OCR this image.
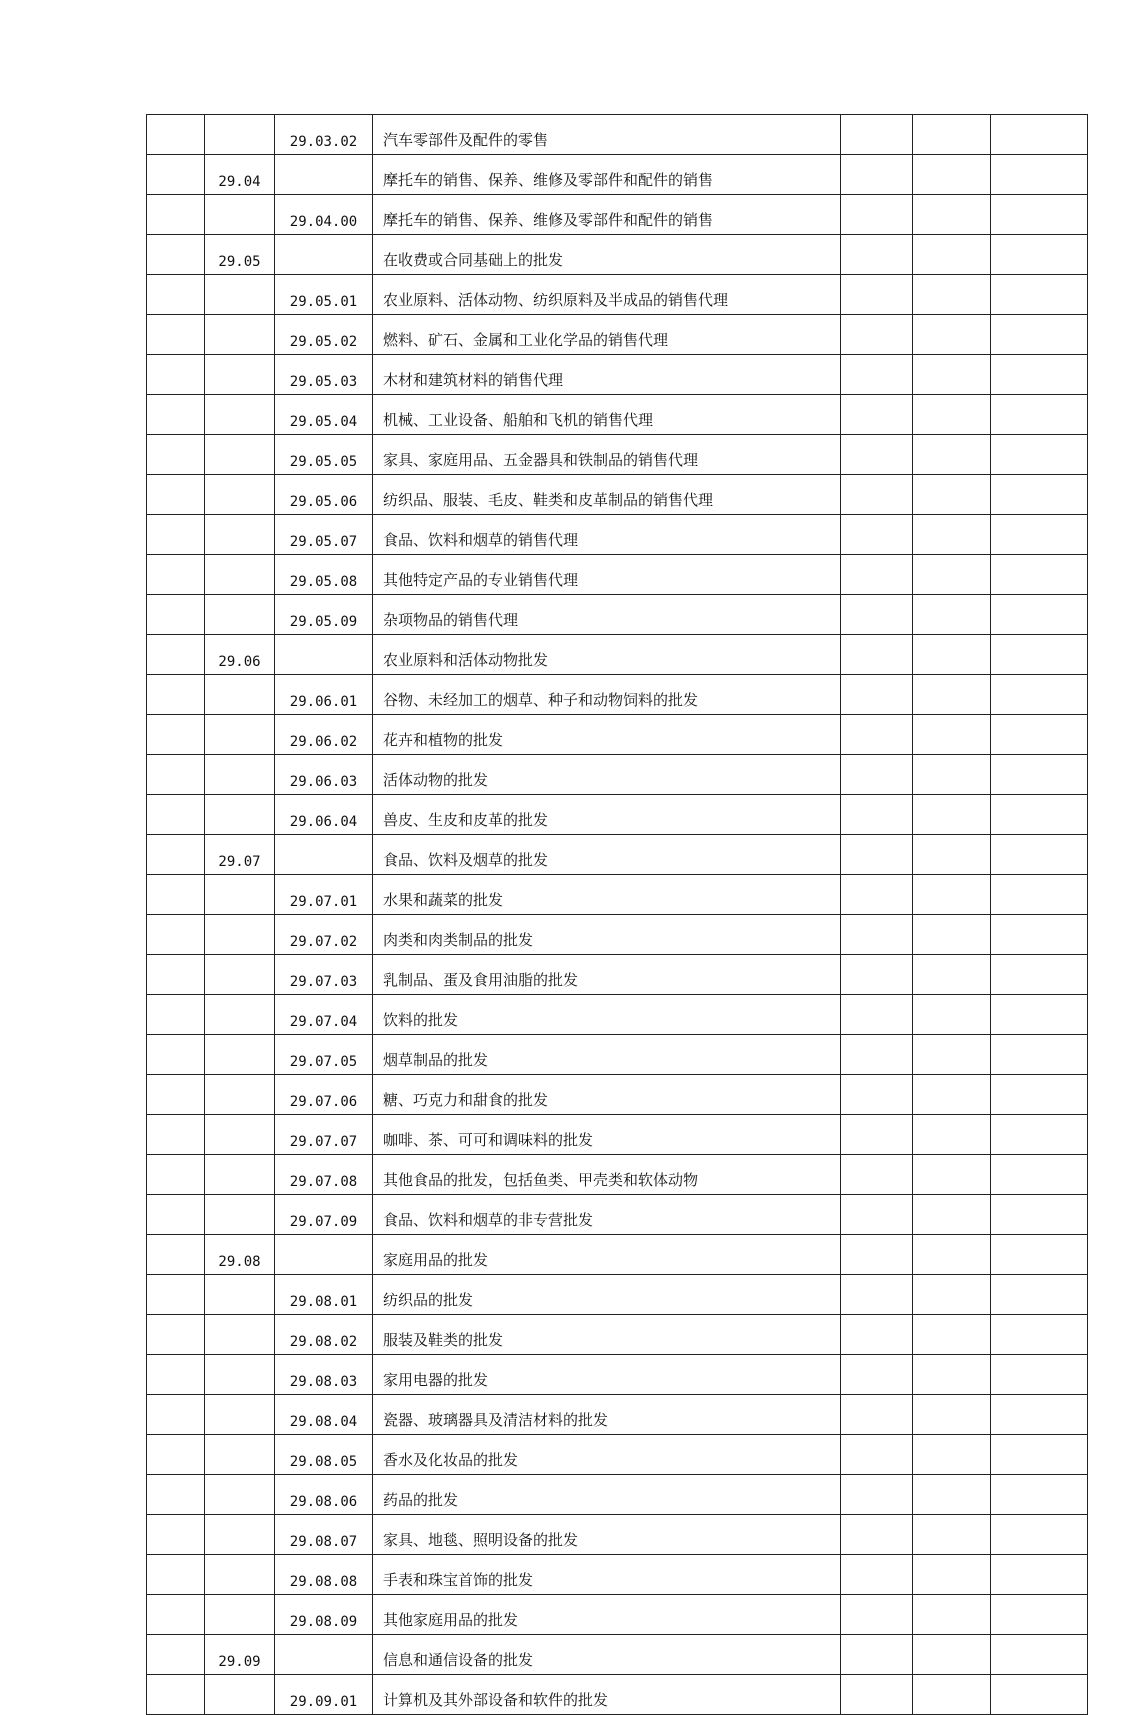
		29.03.02	汽车零部件及配件的零售			
	29.04		摩托车的销售、保养、维修及零部件和配件的销售			
		29.04.00	摩托车的销售、保养、维修及零部件和配件的销售			
	29.05		在收费或合同基础上的批发			
		29.05.01	农业原料、活体动物、纺织原料及半成品的销售代理			
		29.05.02	燃料、矿石、金属和工业化学品的销售代理			
		29.05.03	木材和建筑材料的销售代理			
		29.05.04	机械、工业设备、船舶和飞机的销售代理			
		29.05.05	家具、家庭用品、五金器具和铁制品的销售代理			
		29.05.06	纺织品、服装、毛皮、鞋类和皮革制品的销售代理			
		29.05.07	食品、饮料和烟草的销售代理			
		29.05.08	其他特定产品的专业销售代理			
		29.05.09	杂项物品的销售代理			
	29.06		农业原料和活体动物批发			
		29.06.01	谷物、未经加工的烟草、种子和动物饲料的批发			
		29.06.02	花卉和植物的批发			
		29.06.03	活体动物的批发			
		29.06.04	兽皮、生皮和皮革的批发			
	29.07		食品、饮料及烟草的批发			
		29.07.01	水果和蔬菜的批发			
		29.07.02	肉类和肉类制品的批发			
		29.07.03	乳制品、蛋及食用油脂的批发			
		29.07.04	饮料的批发			
		29.07.05	烟草制品的批发			
		29.07.06	糖、巧克力和甜食的批发			
		29.07.07	咖啡、茶、可可和调味料的批发			
		29.07.08	其他食品的批发，包括鱼类、甲壳类和软体动物			
		29.07.09	食品、饮料和烟草的非专营批发			
	29.08		家庭用品的批发			
		29.08.01	纺织品的批发			
		29.08.02	服装及鞋类的批发			
		29.08.03	家用电器的批发			
		29.08.04	瓷器、玻璃器具及清洁材料的批发			
		29.08.05	香水及化妆品的批发			
		29.08.06	药品的批发			
		29.08.07	家具、地毯、照明设备的批发			
		29.08.08	手表和珠宝首饰的批发			
		29.08.09	其他家庭用品的批发			
	29.09		信息和通信设备的批发			
		29.09.01	计算机及其外部设备和软件的批发			
